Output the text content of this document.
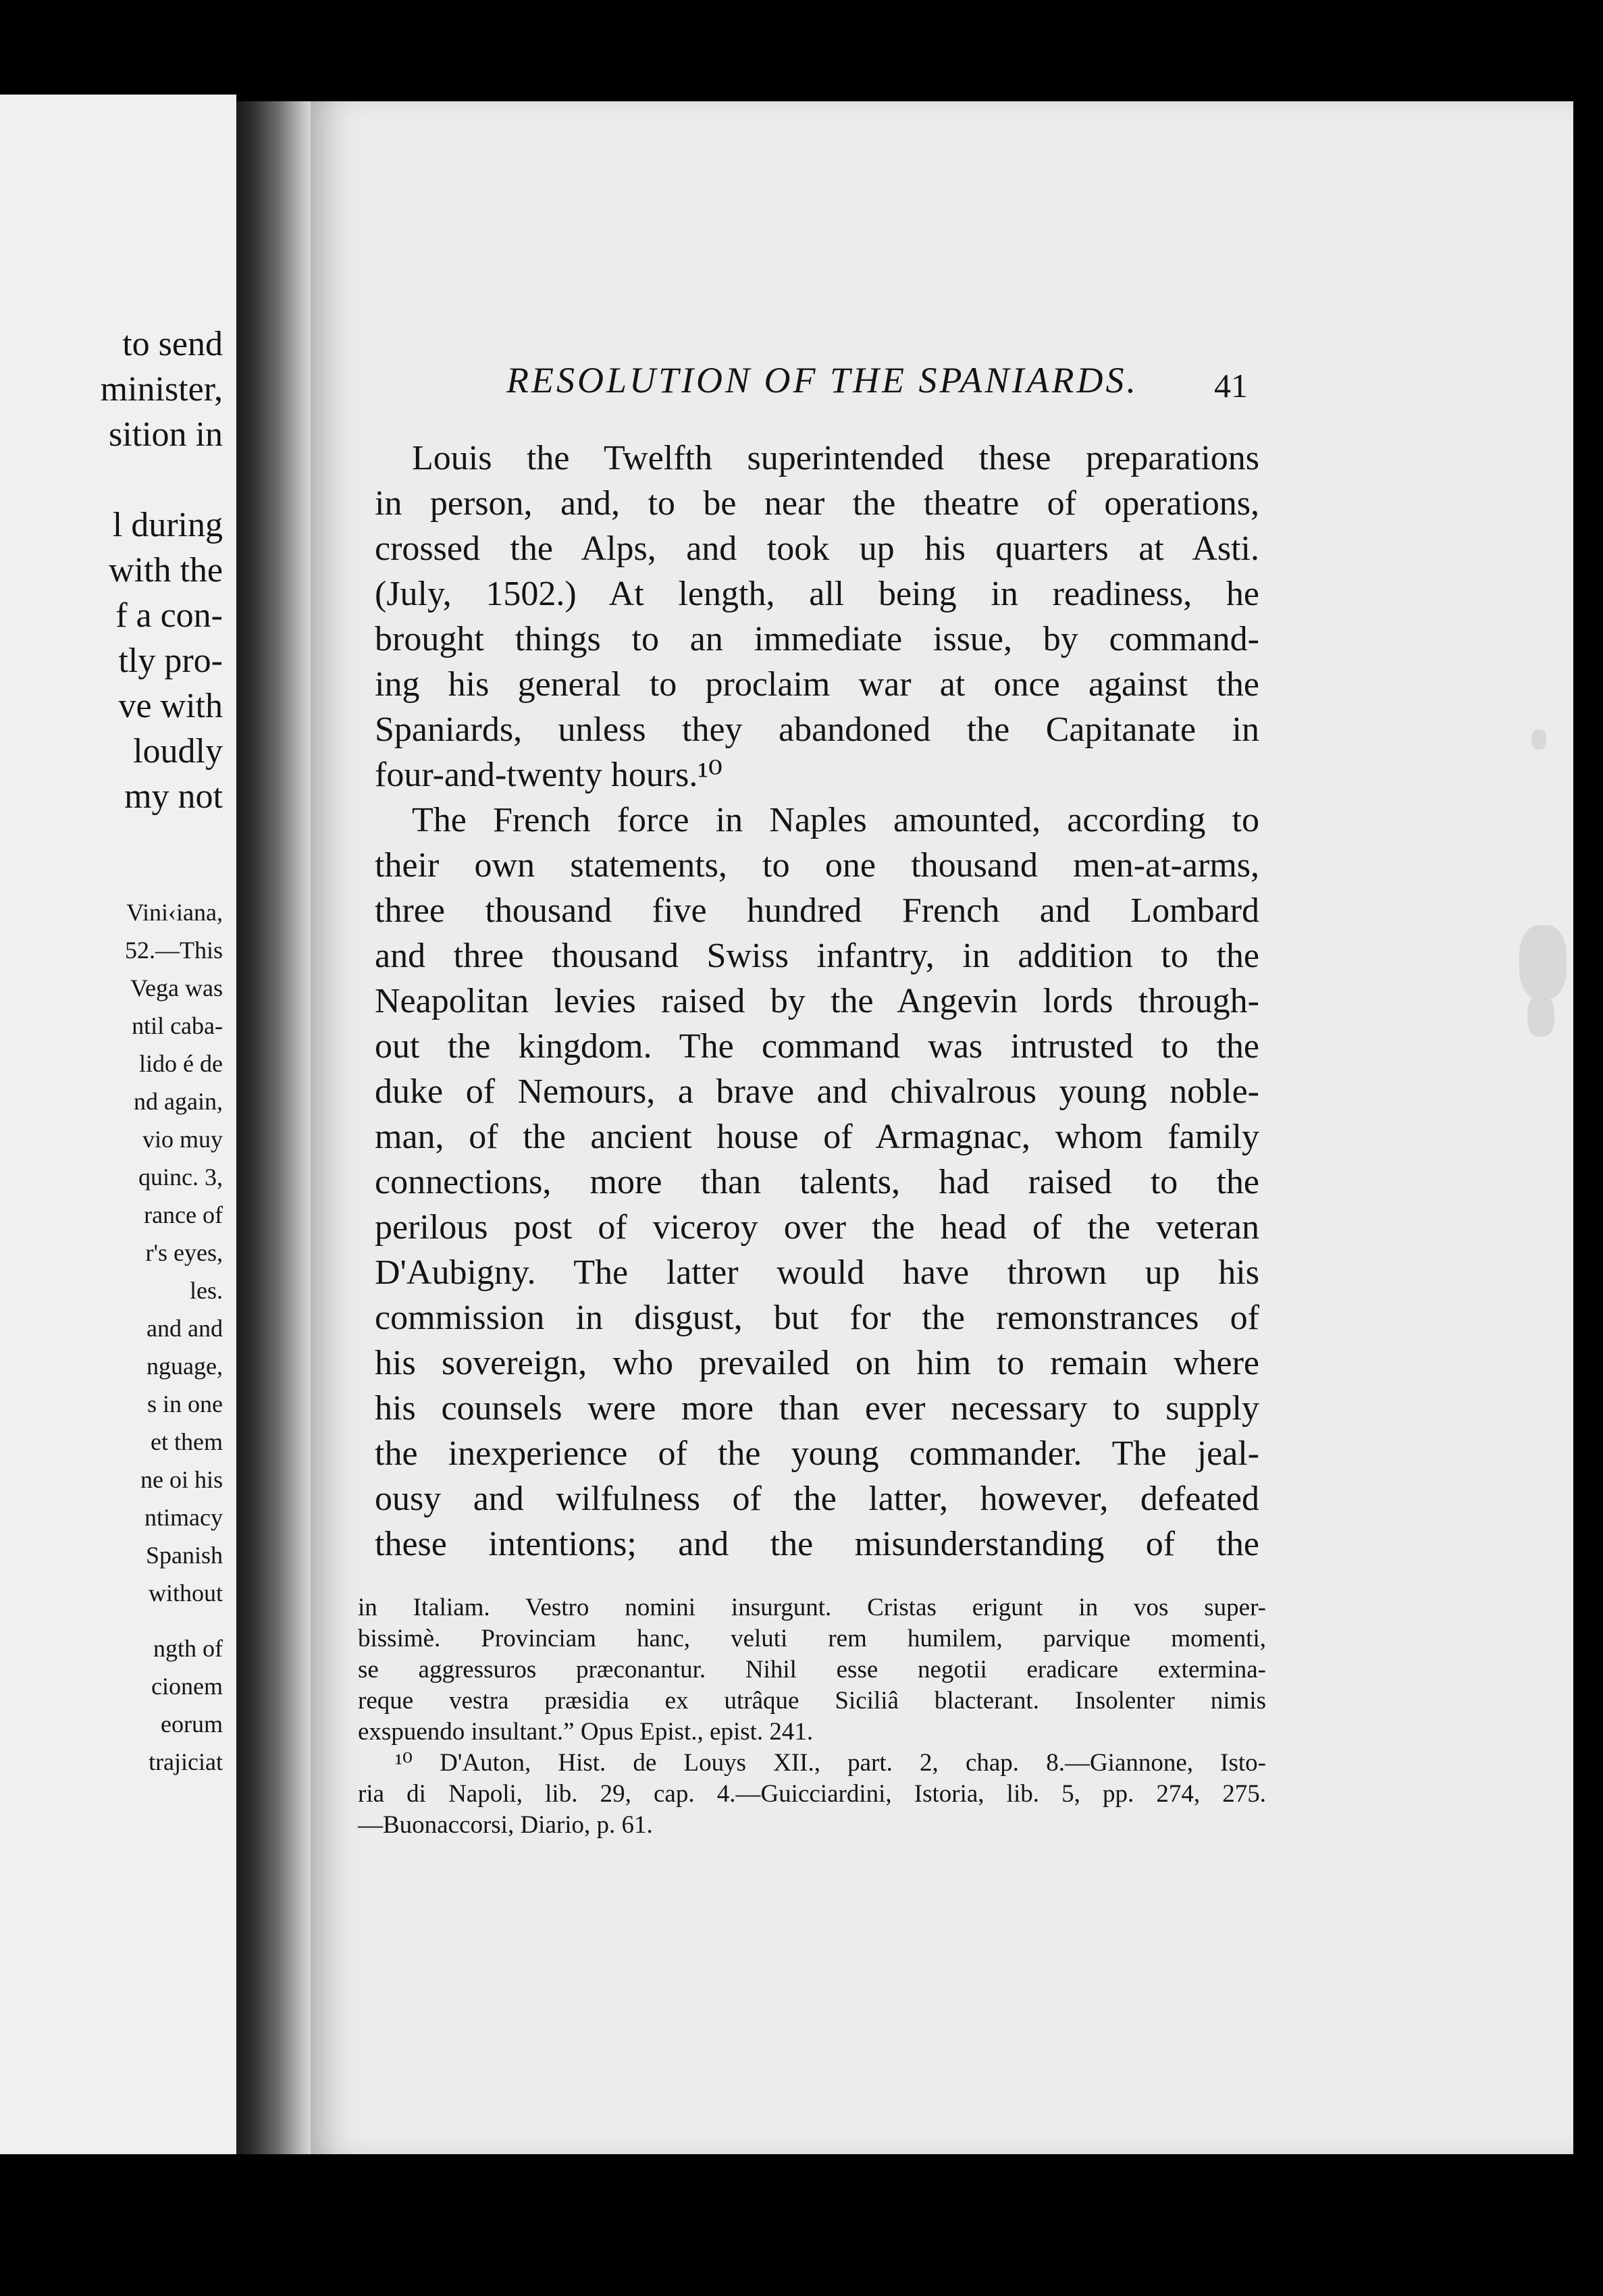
to send
minister,
sition in
l during
with the
f a con-
tly pro-
ve with
loudly
my not
Vini‹iana,
52.—This
Vega was
ntil caba-
lido é de
nd again,
vio muy
quinc. 3,
rance of
r's eyes,
les.
and and
nguage,
s in one
et them
ne oi his
ntimacy
Spanish
without
ngth of
cionem
eorum
trajiciat
RESOLUTION OF THE SPANIARDS. 41
Louis the Twelfth superintended these preparations
in person, and, to be near the theatre of operations,
crossed the Alps, and took up his quarters at Asti.
(July, 1502.) At length, all being in readiness, he
brought things to an immediate issue, by command-
ing his general to proclaim war at once against the
Spaniards, unless they abandoned the Capitanate in
four-and-twenty hours.¹⁰
The French force in Naples amounted, according to
their own statements, to one thousand men-at-arms,
three thousand five hundred French and Lombard
and three thousand Swiss infantry, in addition to the
Neapolitan levies raised by the Angevin lords through-
out the kingdom. The command was intrusted to the
duke of Nemours, a brave and chivalrous young noble-
man, of the ancient house of Armagnac, whom family
connections, more than talents, had raised to the
perilous post of viceroy over the head of the veteran
D'Aubigny. The latter would have thrown up his
commission in disgust, but for the remonstrances of
his sovereign, who prevailed on him to remain where
his counsels were more than ever necessary to supply
the inexperience of the young commander. The jeal-
ousy and wilfulness of the latter, however, defeated
these intentions; and the misunderstanding of the
in Italiam. Vestro nomini insurgunt. Cristas erigunt in vos super-
bissimè. Provinciam hanc, veluti rem humilem, parvique momenti,
se aggressuros præconantur. Nihil esse negotii eradicare extermina-
reque vestra præsidia ex utrâque Siciliâ blacterant. Insolenter nimis
exspuendo insultant.” Opus Epist., epist. 241.
¹⁰ D'Auton, Hist. de Louys XII., part. 2, chap. 8.—Giannone, Isto-
ria di Napoli, lib. 29, cap. 4.—Guicciardini, Istoria, lib. 5, pp. 274, 275.
—Buonaccorsi, Diario, p. 61.
